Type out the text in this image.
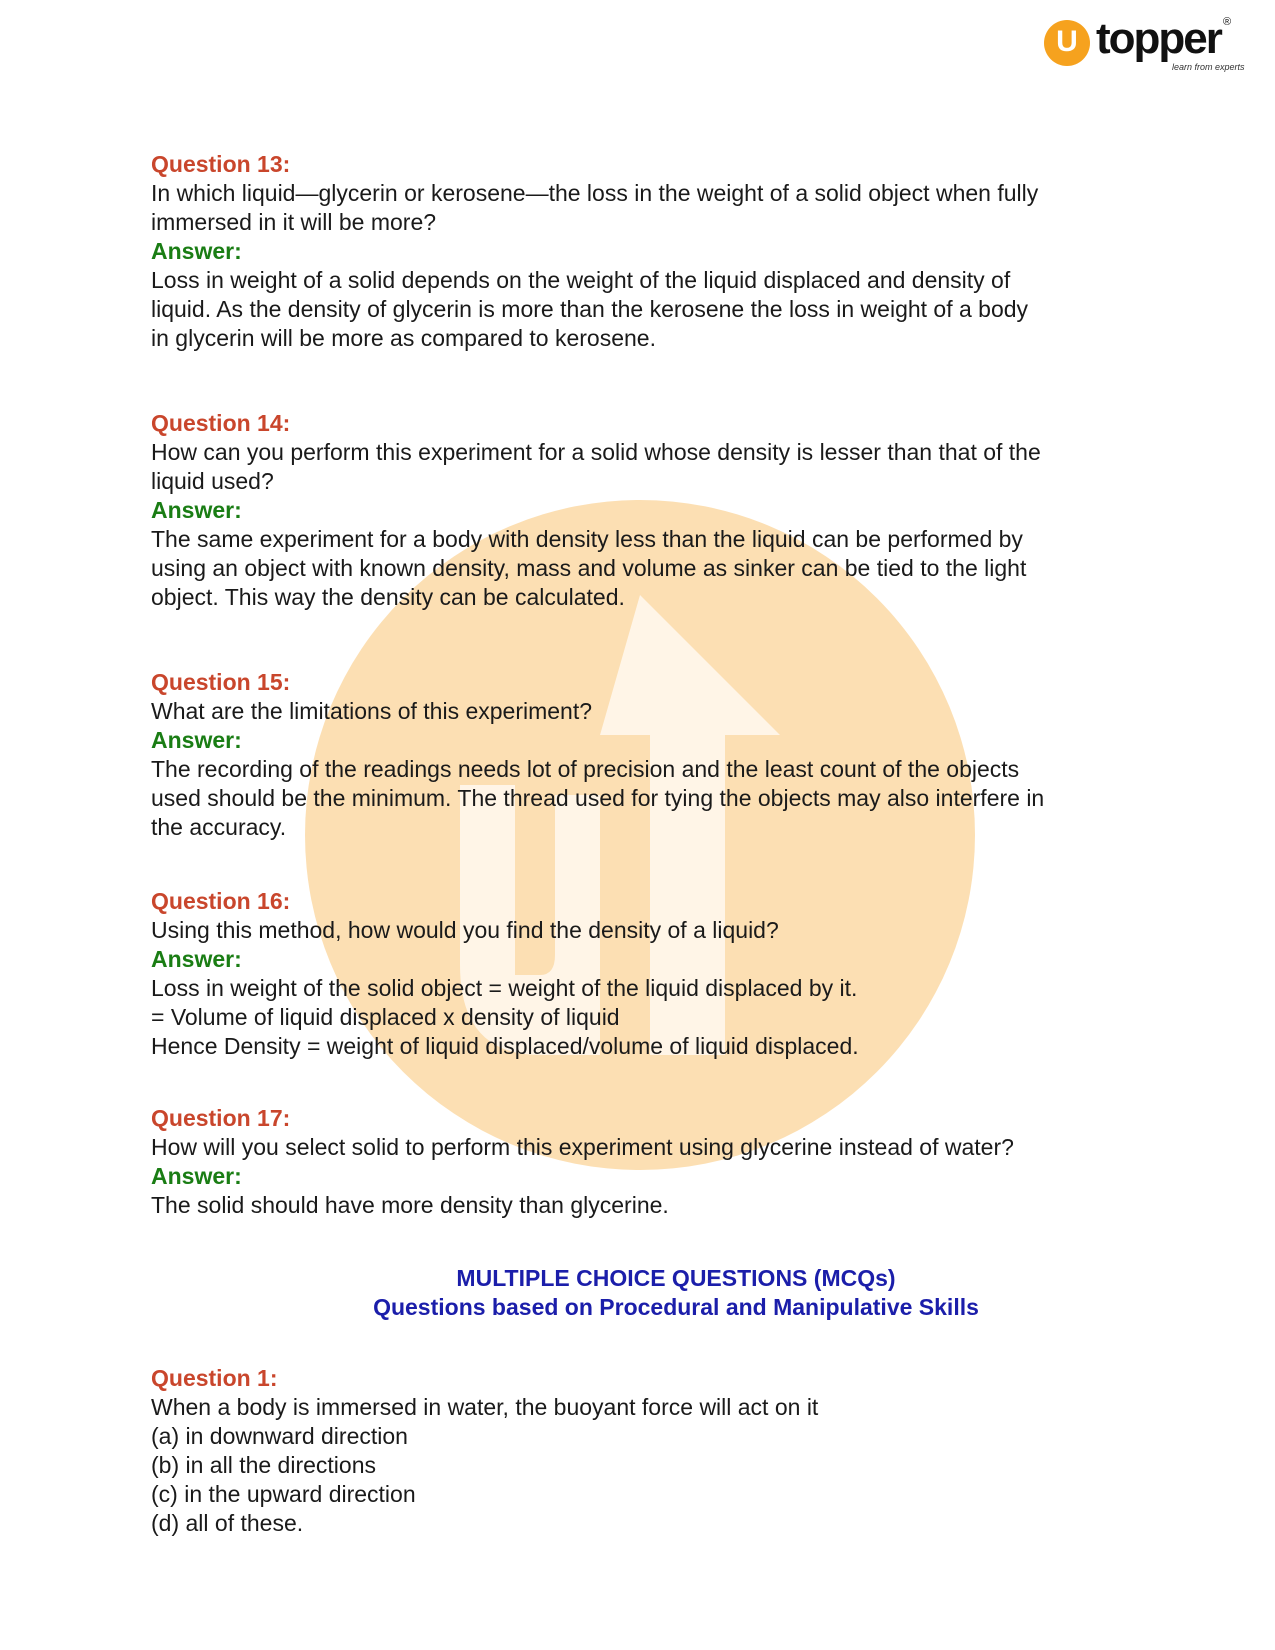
U topper ®
learn from experts
Question 13:
In which liquid—glycerin or kerosene—the loss in the weight of a solid object when fully
immersed in it will be more?
Answer:
Loss in weight of a solid depends on the weight of the liquid displaced and density of
liquid. As the density of glycerin is more than the kerosene the loss in weight of a body
in glycerin will be more as compared to kerosene.
Question 14:
How can you perform this experiment for a solid whose density is lesser than that of the
liquid used?
Answer:
The same experiment for a body with density less than the liquid can be performed by
using an object with known density, mass and volume as sinker can be tied to the light
object. This way the density can be calculated.
Question 15:
What are the limitations of this experiment?
Answer:
The recording of the readings needs lot of precision and the least count of the objects
used should be the minimum. The thread used for tying the objects may also interfere in
the accuracy.
Question 16:
Using this method, how would you find the density of a liquid?
Answer:
Loss in weight of the solid object = weight of the liquid displaced by it.
= Volume of liquid displaced x density of liquid
Hence Density = weight of liquid displaced/volume of liquid displaced.
Question 17:
How will you select solid to perform this experiment using glycerine instead of water?
Answer:
The solid should have more density than glycerine.
MULTIPLE CHOICE QUESTIONS (MCQs)
Questions based on Procedural and Manipulative Skills
Question 1:
When a body is immersed in water, the buoyant force will act on it
(a) in downward direction
(b) in all the directions
(c) in the upward direction
(d) all of these.
